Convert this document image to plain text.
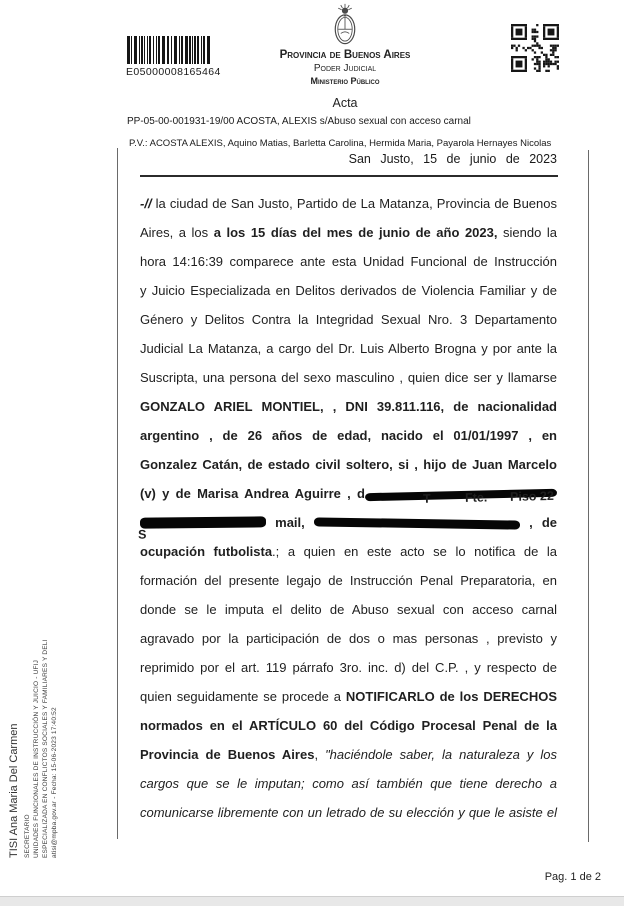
E05000008165464
Provincia de Buenos Aires
Poder Judicial
Ministerio Público
Acta
PP-05-00-001931-19/00 ACOSTA, ALEXIS s/Abuso sexual con acceso carnal
P.V.: ACOSTA ALEXIS, Aquino Matias, Barletta Carolina, Hermida Maria, Payarola Hernayes Nicolas
San Justo, 15 de junio de 2023
-// la ciudad de San Justo, Partido de La Matanza, Provincia de Buenos
Aires, a los a los 15 días del mes de junio de año 2023, siendo la
hora 14:16:39 comparece ante esta Unidad Funcional de Instrucción
y Juicio Especializada en Delitos derivados de Violencia Familiar y de
Género y Delitos Contra la Integridad Sexual Nro. 3 Departamento
Judicial La Matanza, a cargo del Dr. Luis Alberto Brogna y por ante la
Suscripta, una persona del sexo masculino , quien dice ser y llamarse
GONZALO ARIEL MONTIEL, , DNI 39.811.116, de nacionalidad
argentino , de 26 años de edad, nacido el 01/01/1997 , en
Gonzalez Catán, de estado civil soltero, si , hijo de Juan Marcelo
(v) y de Marisa Andrea Aguirre , d	T	Fte. Piso 22
S
mail,	, de
ocupación futbolista.; a quien en este acto se lo notifica de la
formación del presente legajo de Instrucción Penal Preparatoria, en
donde se le imputa el delito de Abuso sexual con acceso carnal
agravado por la participación de dos o mas personas , previsto y
reprimido por el art. 119 párrafo 3ro. inc. d) del C.P. , y respecto de
quien seguidamente se procede a NOTIFICARLO de los DERECHOS
normados en el ARTÍCULO 60 del Código Procesal Penal de la
Provincia de Buenos Aires, "haciéndole saber, la naturaleza y los
cargos que se le imputan; como así también que tiene derecho a
comunicarse libremente con un letrado de su elección y que le asiste el
TISI Ana Maria Del Carmen SECRETARIO UNIDADES FUNCIONALES DE INSTRUCCIÓN Y JUICIO - UFIJ ESPECIALIZADA EN CONFLICTOS SOCIALES Y FAMILIARES Y DELI atisi@mpba.gov.ar - Fecha: 15-06-2023 17:40:52
Pag. 1 de 2
